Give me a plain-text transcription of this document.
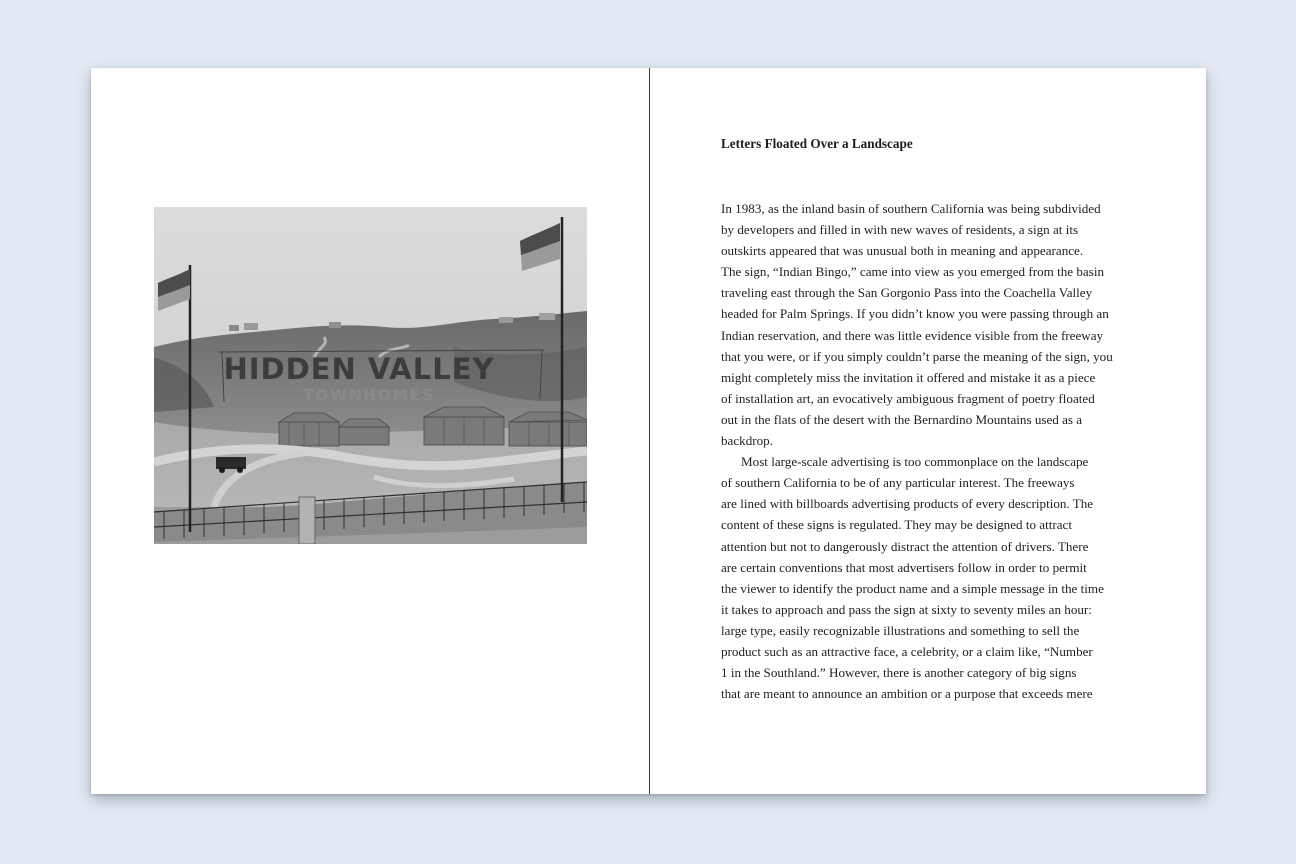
HIDDEN VALLEY
TOWNHOMES
Letters Floated Over a Landscape
In 1983, as the inland basin of southern California was being subdivided
by developers and filled in with new waves of residents, a sign at its
outskirts appeared that was unusual both in meaning and appearance.
The sign, “Indian Bingo,” came into view as you emerged from the basin
traveling east through the San Gorgonio Pass into the Coachella Valley
headed for Palm Springs. If you didn’t know you were passing through an
Indian reservation, and there was little evidence visible from the freeway
that you were, or if you simply couldn’t parse the meaning of the sign, you
might completely miss the invitation it offered and mistake it as a piece
of installation art, an evocatively ambiguous fragment of poetry floated
out in the flats of the desert with the Bernardino Mountains used as a
backdrop.
Most large-scale advertising is too commonplace on the landscape
of southern California to be of any particular interest. The freeways
are lined with billboards advertising products of every description. The
content of these signs is regulated. They may be designed to attract
attention but not to dangerously distract the attention of drivers. There
are certain conventions that most advertisers follow in order to permit
the viewer to identify the product name and a simple message in the time
it takes to approach and pass the sign at sixty to seventy miles an hour:
large type, easily recognizable illustrations and something to sell the
product such as an attractive face, a celebrity, or a claim like, “Number
1 in the Southland.” However, there is another category of big signs
that are meant to announce an ambition or a purpose that exceeds mere
